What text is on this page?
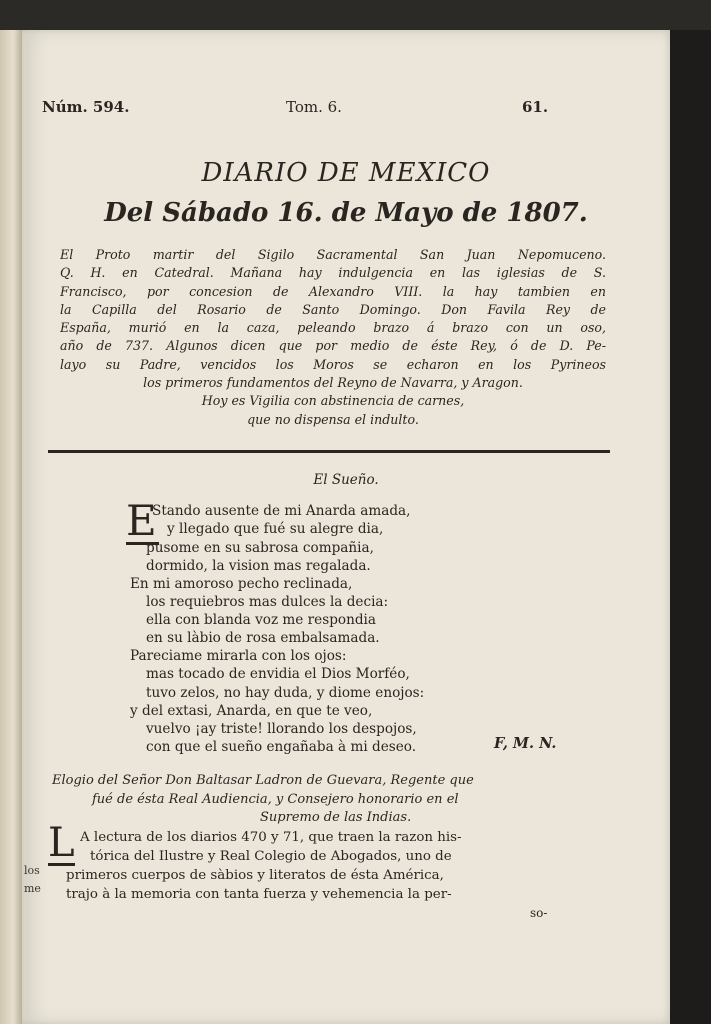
Núm. 594.	Tom. 6.	61.
DIARIO DE MEXICO
Del Sábado 16. de Mayo de 1807.
El Proto martir del Sigilo Sacramental San Juan Nepomuceno.
Q. H. en Catedral. Mañana hay indulgencia en las iglesias de S.
Francisco, por concesion de Alexandro VIII. la hay tambien en
la Capilla del Rosario de Santo Domingo. Don Favila Rey de
España, murió en la caza, peleando brazo á brazo con un oso,
año de 737. Algunos dicen que por medio de éste Rey, ó de D. Pe-
layo su Padre, vencidos los Moros se echaron en los Pyrineos
los primeros fundamentos del Reyno de Navarra, y Aragon.
Hoy es Vigilia con abstinencia de carnes,
que no dispensa el indulto.
El Sueño.
E
Stando ausente de mi Anarda amada,
y llegado que fué su alegre dia,
pusome en su sabrosa compañia,
dormido, la vision mas regalada.
En mi amoroso pecho reclinada,
los requiebros mas dulces la decia:
ella con blanda voz me respondia
en su làbio de rosa embalsamada.
Pareciame mirarla con los ojos:
mas tocado de envidia el Dios Morféo,
tuvo zelos, no hay duda, y diome enojos:
y del extasi, Anarda, en que te veo,
vuelvo ¡ay triste! llorando los despojos,
con que el sueño engañaba à mi deseo.	F, M. N.
Elogio del Señor Don Baltasar Ladron de Guevara, Regente que
fué de ésta Real Audiencia, y Consejero honorario en el
Supremo de las Indias.
L A lectura de los diarios 470 y 71, que traen la razon his-
tórica del Ilustre y Real Colegio de Abogados, uno de
los primeros cuerpos de sàbios y literatos de ésta América,
me trajo à la memoria con tanta fuerza y vehemencia la per-
so-
